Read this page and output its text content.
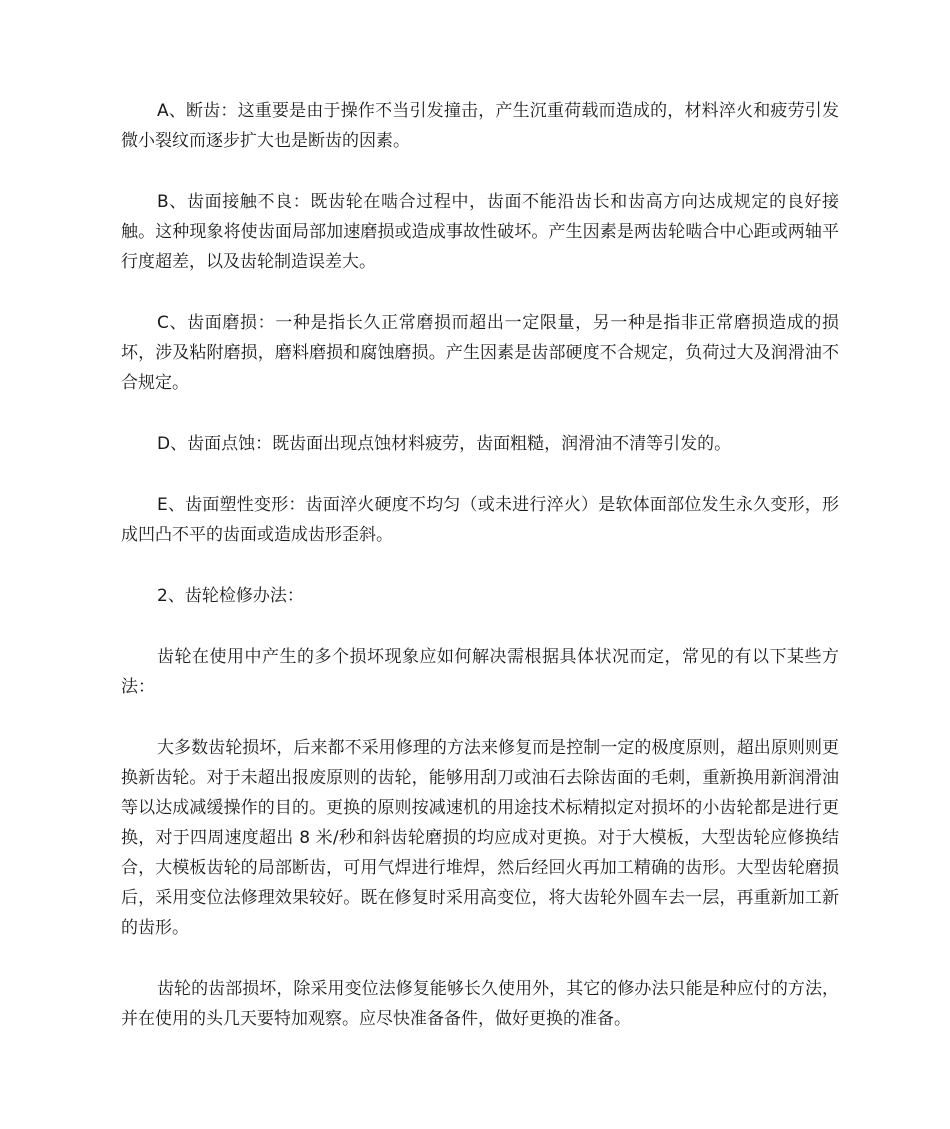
A、断齿：这重要是由于操作不当引发撞击，产生沉重荷载而造成的，材料淬火和疲劳引发微小裂纹而逐步扩大也是断齿的因素。

B、齿面接触不良：既齿轮在啮合过程中，齿面不能沿齿长和齿高方向达成规定的良好接触。这种现象将使齿面局部加速磨损或造成事故性破坏。产生因素是两齿轮啮合中心距或两轴平行度超差，以及齿轮制造误差大。

C、齿面磨损：一种是指长久正常磨损而超出一定限量，另一种是指非正常磨损造成的损坏，涉及粘附磨损，磨料磨损和腐蚀磨损。产生因素是齿部硬度不合规定，负荷过大及润滑油不合规定。

D、齿面点蚀：既齿面出现点蚀材料疲劳，齿面粗糙，润滑油不清等引发的。

E、齿面塑性变形：齿面淬火硬度不均匀（或未进行淬火）是软体面部位发生永久变形，形成凹凸不平的齿面或造成齿形歪斜。

2、齿轮检修办法：

齿轮在使用中产生的多个损坏现象应如何解决需根据具体状况而定，常见的有以下某些方法：

大多数齿轮损坏，后来都不采用修理的方法来修复而是控制一定的极度原则，超出原则则更换新齿轮。对于未超出报废原则的齿轮，能够用刮刀或油石去除齿面的毛刺，重新换用新润滑油等以达成减缓操作的目的。更换的原则按减速机的用途技术标精拟定对损坏的小齿轮都是进行更换，对于四周速度超出 8 米/秒和斜齿轮磨损的均应成对更换。对于大模板，大型齿轮应修换结合，大模板齿轮的局部断齿，可用气焊进行堆焊，然后经回火再加工精确的齿形。大型齿轮磨损后，采用变位法修理效果较好。既在修复时采用高变位，将大齿轮外圆车去一层，再重新加工新的齿形。

齿轮的齿部损坏，除采用变位法修复能够长久使用外，其它的修办法只能是种应付的方法，并在使用的头几天要特加观察。应尽快准备备件，做好更换的准备。
